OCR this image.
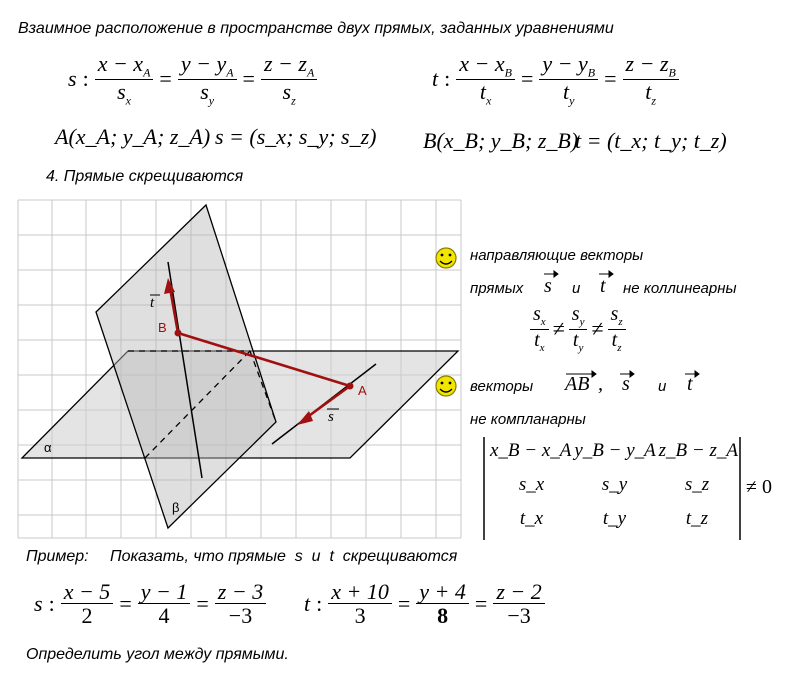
Взаимное расположение в пространстве двух прямых, заданных уравнениями
s : $\frac{x - x_A}{s_x} = \frac{y - y_A}{s_y} = \frac{z - z_A}{s_z}$	t : $\frac{x - x_B}{t_x} = \frac{y - y_B}{t_y} = \frac{z - z_B}{t_z}$
A(x_A; y_A; z_A) s = (s_x; s_y; s_z) B(x_B; y_B; z_B)
t = (t_x; t_y; t_z)
4. Прямые скрещиваются
t
B
A
s
α
β
направляющие векторы
прямых s и t не коллинеарны
$\frac{s_x}{t_x} \ne \frac{s_y}{t_y} \ne \frac{s_z}{t_z}$
векторы AB , s и t
не компланарны
x_B − x_A y_B − y_A z_B − z_A
s_x	s_y	s_z
t_x	t_y	t_z
≠ 0
Пример: Показать, что прямые  s  и  t  скрещиваются
s : $\frac{x - 5}{2} = \frac{y - 1}{4} = \frac{z - 3}{-3}$ t : $\frac{x + 10}{3} = \frac{y + 4}{8} = \frac{z - 2}{-3}$
Определить угол между прямыми.
